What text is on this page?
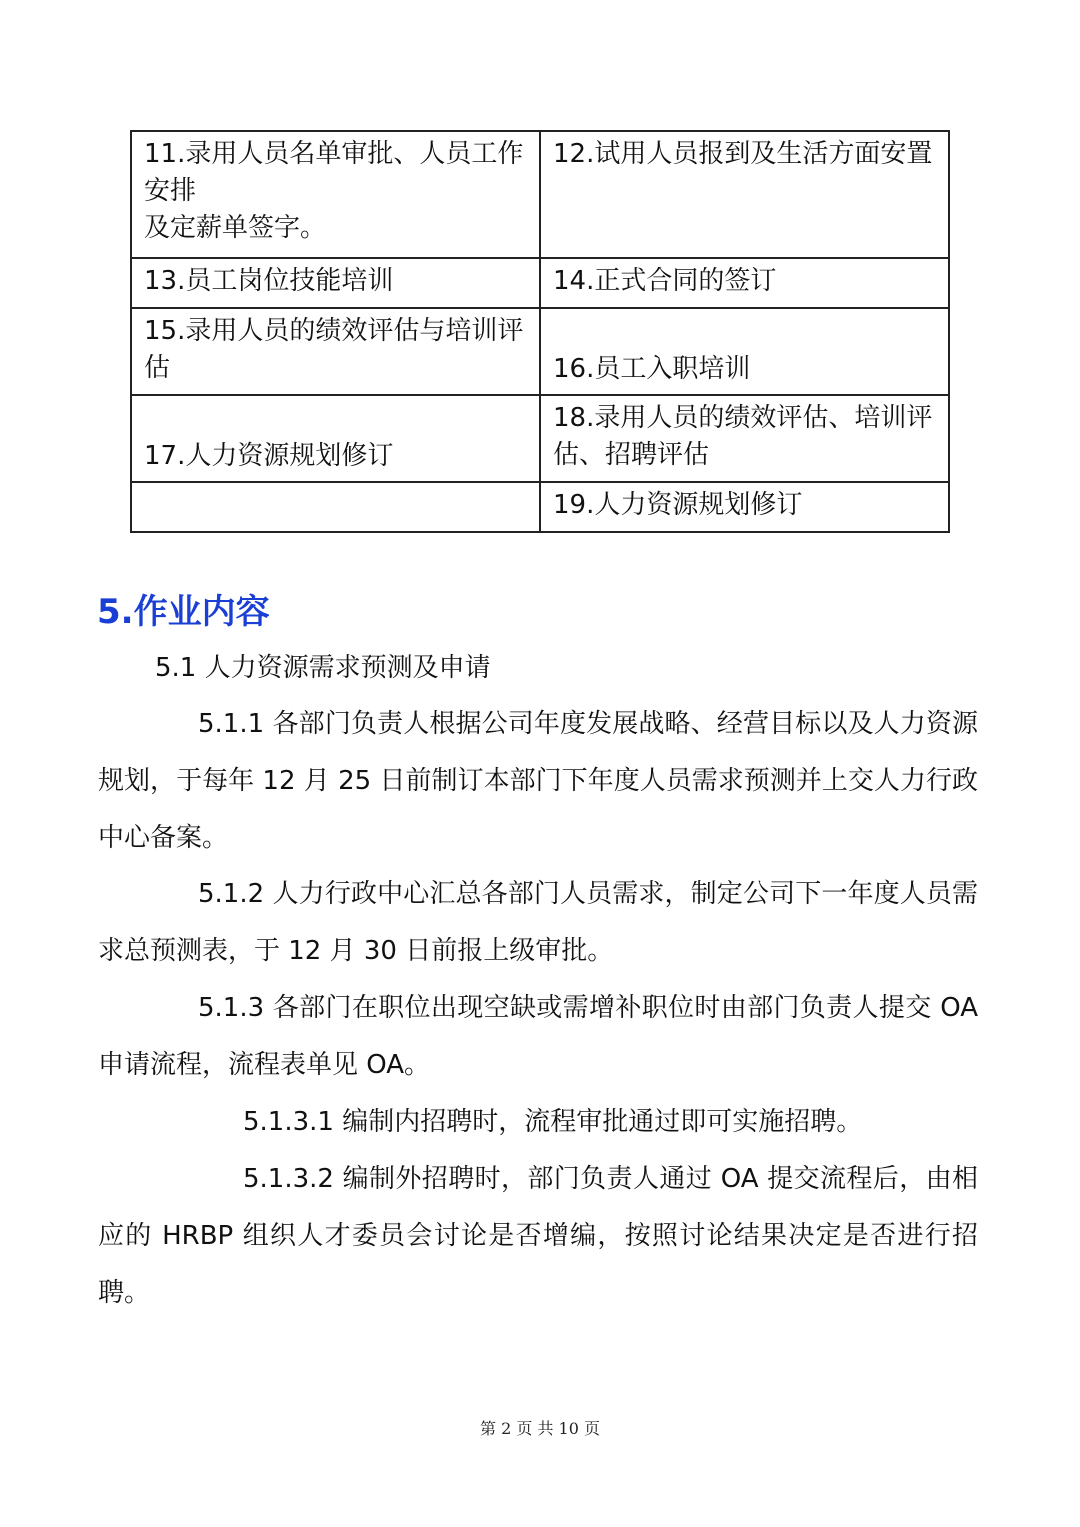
11.录用人员名单审批、人员工作安排
及定薪单签字。	12.试用人员报到及生活方面安置

13.员工岗位技能培训	14.正式合同的签订

15.录用人员的绩效评估与培训评估	16.员工入职培训

17.人力资源规划修订	18.录用人员的绩效评估、培训评估、招聘评估

	19.人力资源规划修订
5.作业内容

5.1 人力资源需求预测及申请

5.1.1 各部门负责人根据公司年度发展战略、经营目标以及人力资源规划，于每年 12 月 25 日前制订本部门下年度人员需求预测并上交人力行政中心备案。

5.1.2 人力行政中心汇总各部门人员需求，制定公司下一年度人员需求总预测表，于 12 月 30 日前报上级审批。

5.1.3 各部门在职位出现空缺或需增补职位时由部门负责人提交 OA 申请流程，流程表单见 OA。

5.1.3.1 编制内招聘时，流程审批通过即可实施招聘。

5.1.3.2 编制外招聘时，部门负责人通过 OA 提交流程后，由相应的 HRBP 组织人才委员会讨论是否增编，按照讨论结果决定是否进行招聘。

第 2 页 共 10 页
